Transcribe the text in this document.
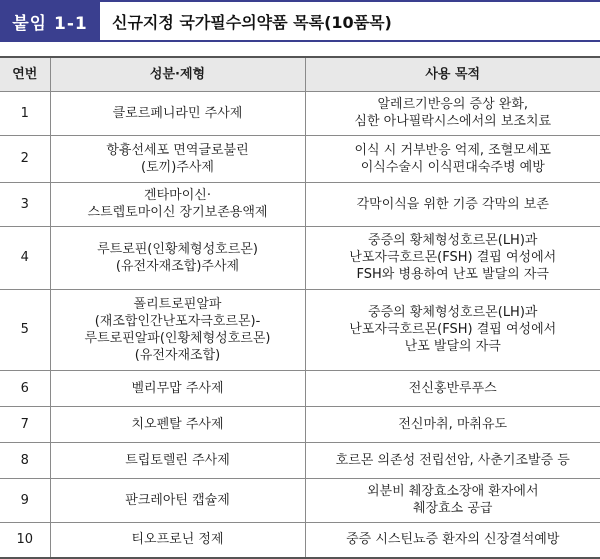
붙임 1-1	신규지정 국가필수의약품 목록(10품목)
연번	성분·제형	사용 목적
1	클로르페니라민 주사제	알레르기반응의 증상 완화,
심한 아나필락시스에서의 보조치료

2	항흉선세포 면역글로불린
(토끼)주사제	이식 시 거부반응 억제, 조혈모세포
이식수술시 이식편대숙주병 예방

3	겐타마이신·
스트렙토마이신 장기보존용액제	각막이식을 위한 기증 각막의 보존

4	루트로핀(인황체형성호르몬)
(유전자재조합)주사제	중증의 황체형성호르몬(LH)과
난포자극호르몬(FSH) 결핍 여성에서
FSH와 병용하여 난포 발달의 자극

5	폴리트로핀알파
(재조합인간난포자극호르몬)-
루트로핀알파(인황체형성호르몬)
(유전자재조합)	중증의 황체형성호르몬(LH)과
난포자극호르몬(FSH) 결핍 여성에서
난포 발달의 자극

6	벨리무맙 주사제	전신홍반루푸스

7	치오펜탈 주사제	전신마취, 마취유도

8	트립토렐린 주사제	호르몬 의존성 전립선암, 사춘기조발증 등

9	판크레아틴 캡슐제	외분비 췌장효소장애 환자에서
췌장효소 공급

10	티오프로닌 정제	중증 시스틴뇨증 환자의 신장결석예방
